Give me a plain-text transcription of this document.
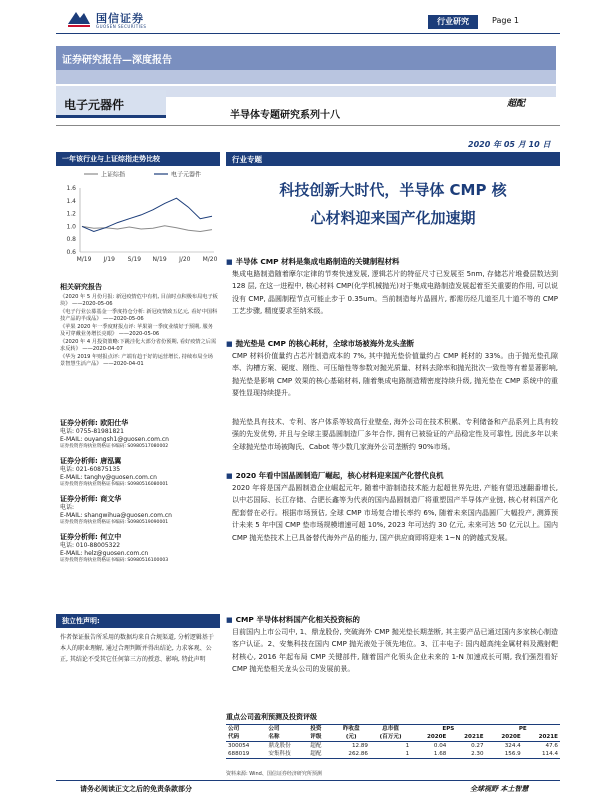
国信证券
GUOSEN SECURITIES
行业研究	Page 1
证券研究报告—深度报告
电子元器件
半导体专题研究系列十八
超配
2020 年 05 月 10 日
一年该行业与上证综指走势比较
上证综指	电子元器件
1.6
1.4
1.2
1.0
0.8
0.6
M/19 J/19 S/19 N/19 J/20 M/20
相关研究报告

《2020 年 5 月份月报: 新冠疫情危中有机, 目前时点积极布局电子板块》 ——2020-05-06

《电子行业公募基金一季度持仓分析: 新冠疫情致五亿元, 看好中国科技产品的半成品》 ——2020-05-06

《苹果 2020 年一季度财报点评: 苹果第一季度业绩好于预期, 服务及可穿戴业务增长亮眼》 ——2020-05-06

《2020 年 4 月投资策略:下跳洼化大部分省份预期, 看好疫情之后需求反转》 ——2020-04-07

《华为 2019 年财报点评: 产端有趋于好的运营增长, 持续布局全场景智慧生活产品》 ——2020-04-01

证券分析师: 欧阳仕华
电话: 0755-81981821
E-MAIL: ouyangsh1@guosen.com.cn
证券投资咨询执业资格证书编码: S0980517080002
证券分析师: 唐泓翼
电话: 021-60875135
E-MAIL: tanghy@guosen.com.cn
证券投资咨询执业资格证书编码: S0980516080001
证券分析师: 商文华
电话:
E-MAIL: shangwihua@guosen.com.cn
证券投资咨询执业资格证书编码: S0980519090001
证券分析师: 何立中
电话: 010-88005322
E-MAIL: helz@guosen.com.cn
证券投资咨询执业资格证书编码: S0980516100003
独立性声明:
作者保证报告所采用的数据均来自合规渠道, 分析逻辑基于本人的职业理解, 通过合理判断并得出结论, 力求客观、公正, 其结论不受其它任何第三方的授意、影响, 特此声明
行业专题
科技创新大时代，半导体 CMP 核
心材料迎来国产化加速期
■ 半导体 CMP 材料是集成电路制造的关键制程材料
集成电路制造随着摩尔定律的节奏快速发展, 逻辑芯片的特征尺寸已发展至 5nm, 存储芯片堆叠层数达到 128 层, 在这一进程中, 核心材料 CMP(化学机械抛光)对于集成电路制造发展起着至关重要的作用, 可以说没有 CMP, 晶圆制程节点可能止步于 0.35um。当前制造每片晶圆片, 都需历经几道至几十道不等的 CMP 工艺步骤, 精度要求至纳米级。
■ 抛光垫是 CMP 的核心耗材，全球市场被海外龙头垄断
CMP 材料价值量约占芯片制造成本的 7%, 其中抛光垫价值量约占 CMP 耗材的 33%。由于抛光垫孔隙率、沟槽方案、硬度、刚性、可压缩性等参数对抛光质量、材料去除率和抛光批次一致性等有着显著影响, 抛光垫是影响 CMP 效果的核心基础材料, 随着集成电路制造精密度持续升级, 抛光垫在 CMP 系统中的重要性显现持续提升。
抛光垫具有技术、专利、客户体系等较高行业壁垒, 海外公司在技术积累、专利储备和产品系列上具有较强的先发优势, 并且与全球主要晶圆制造厂多年合作, 拥有已被验证的产品稳定性及可靠性, 因此多年以来全球抛光垫市场被陶氏、Cabot 等少数几家海外公司垄断约 90%市场。
■ 2020 年看中国晶圆制造厂崛起，核心材料迎来国产化替代良机
2020 年将是国产晶圆制造企业崛起元年, 随着中游制造技术能力起超世界先进, 产能有望迅速翻番增长, 以中芯国际、长江存储、合肥长鑫等为代表的国内晶圆制造厂将重塑国产半导体产业链, 核心材料国产化配套替在必行。根据市场预估, 全球 CMP 市场复合增长率约 6%, 随着未来国内晶圆厂大幅投产, 测算预计未来 5 年中国 CMP 垫市场规模增速可超 10%, 2023 年可达约 30 亿元, 未来可达 50 亿元以上。国内 CMP 抛光垫技术上已具备替代海外产品的能力, 国产供应商即将迎来 1~N 的跨越式发展。
■ CMP 半导体材料国产化相关投资标的
目前国内上市公司中, 1、鼎龙股份, 突破海外 CMP 抛光垫长期垄断, 其主要产品已通过国内多家核心制造客户认证。2、安集科技在国内 CMP 抛光液处于领先地位。3、江丰电子: 国内超高纯金属材料及溅射靶材核心, 2016 年起布局 CMP 关键部件, 随着国产化领头企业未来的 1-N 加速成长可期, 我们强烈看好 CMP 抛光垫相关龙头公司的发展前景。
重点公司盈利预测及投资评级
公司	公司	投资	昨收盘	总市值	EPS		PE	
代码	名称	评级	(元)	(百万元)	2020E	2021E	2020E	2021E
300054	鼎龙股份	超配	12.89	1	0.04	0.27	324.4	47.6
688019	安集科技	超配	262.86	1	1.68	2.30	156.9	114.4
资料来源: Wind、国信证券经济研究所预测
请务必阅读正文之后的免责条款部分	全球视野 本土智慧
